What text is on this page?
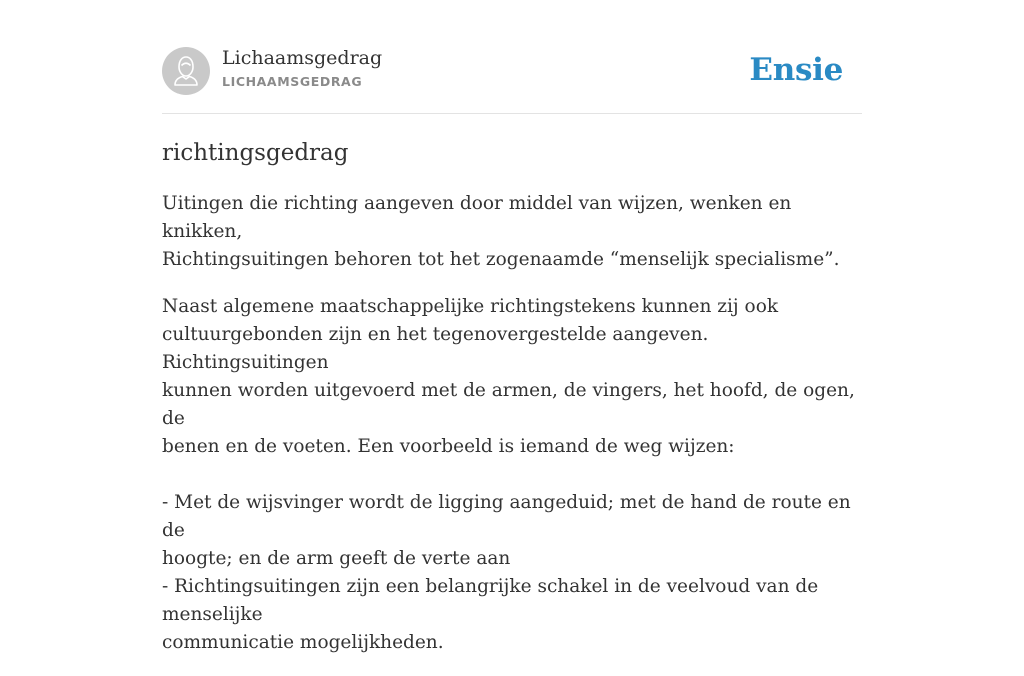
Lichaamsgedrag
LICHAAMSGEDRAG	Ensie
richtingsgedrag

Uitingen die richting aangeven door middel van wijzen, wenken en knikken,
Richtingsuitingen behoren tot het zogenaamde “menselijk specialisme”.

Naast algemene maatschappelijke richtingstekens kunnen zij ook
cultuurgebonden zijn en het tegenovergestelde aangeven. Richtingsuitingen
kunnen worden uitgevoerd met de armen, de vingers, het hoofd, de ogen, de
benen en de voeten. Een voorbeeld is iemand de weg wijzen:

- Met de wijsvinger wordt de ligging aangeduid; met de hand de route en de
hoogte; en de arm geeft de verte aan
- Richtingsuitingen zijn een belangrijke schakel in de veelvoud van de menselijke
communicatie mogelijkheden.
